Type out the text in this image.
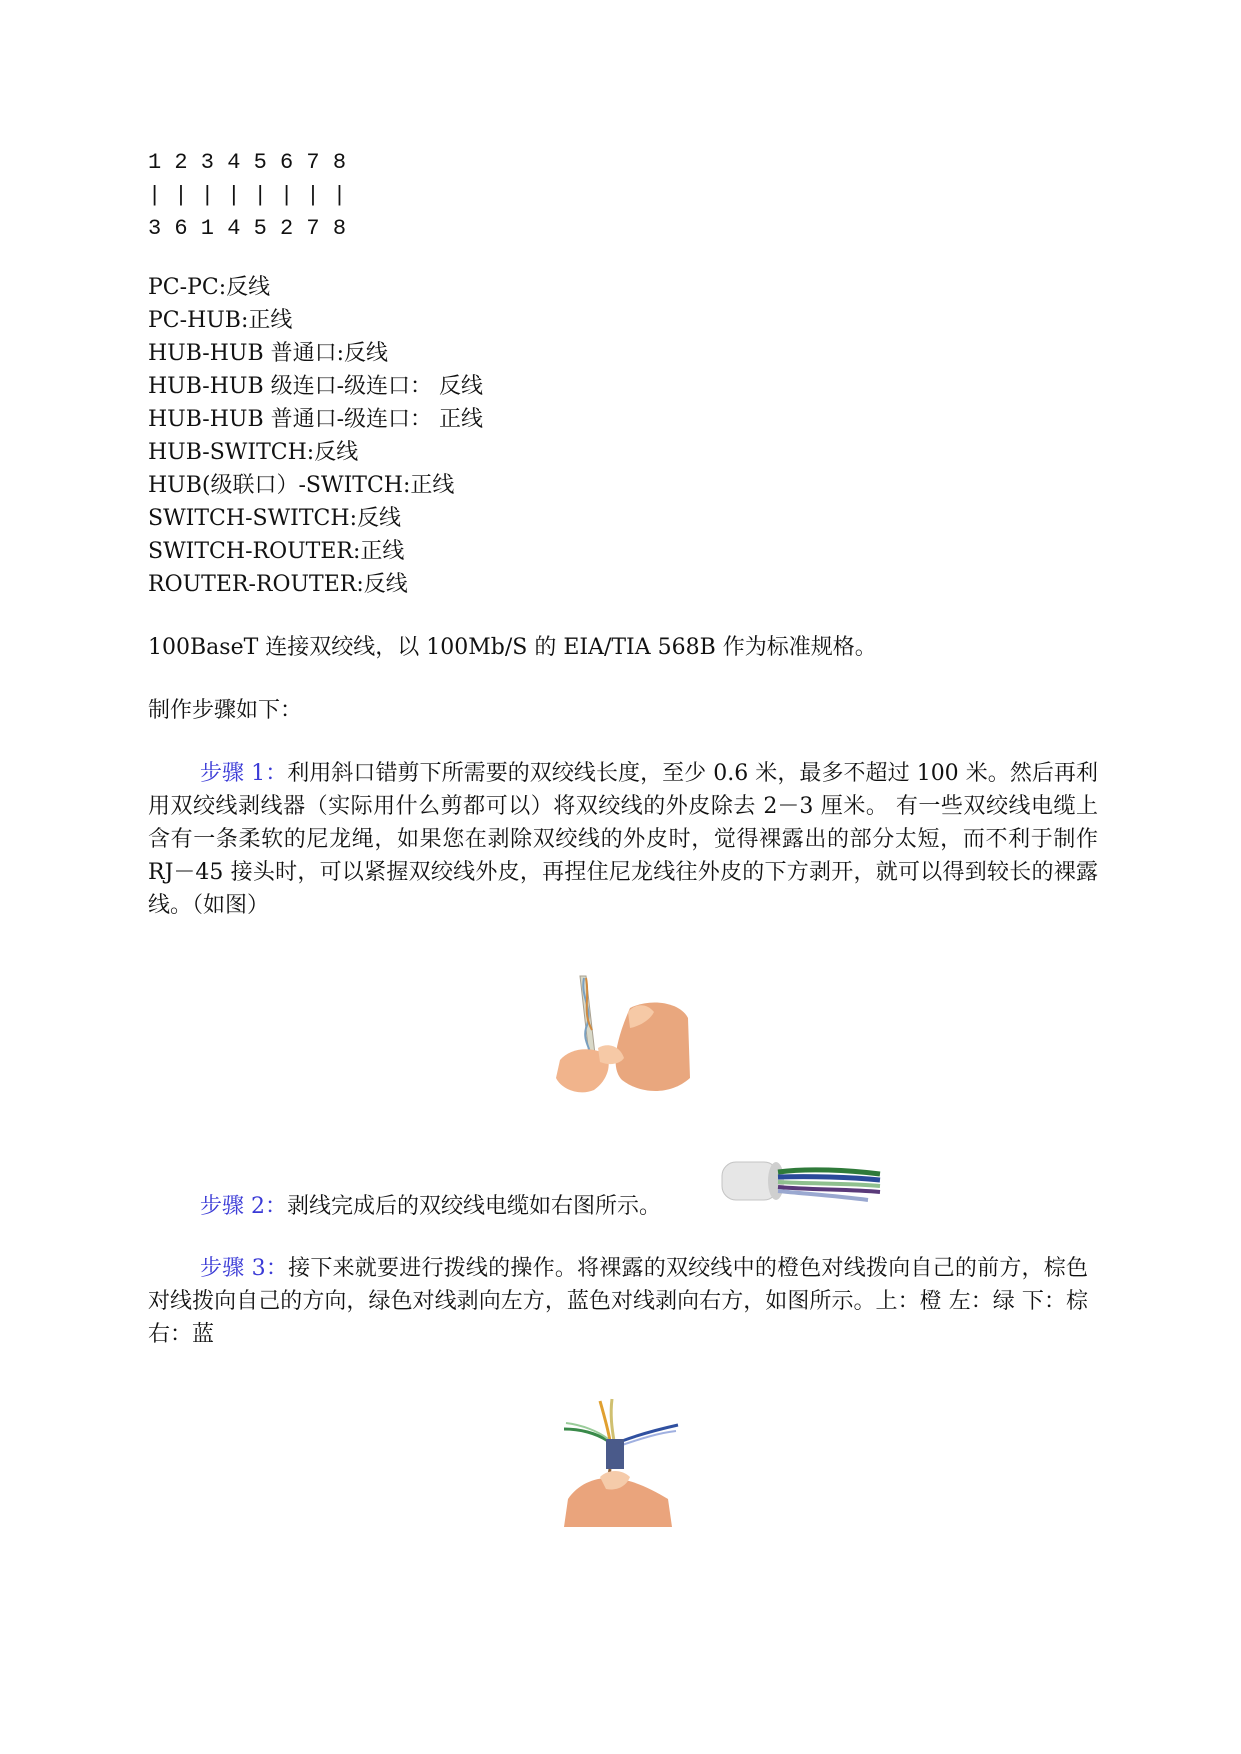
1 2 3 4 5 6 7 8
| | | | | | | |
3 6 1 4 5 2 7 8
PC-PC:反线
PC-HUB:正线
HUB-HUB 普通口:反线
HUB-HUB 级连口-级连口： 反线
HUB-HUB 普通口-级连口： 正线
HUB-SWITCH:反线
HUB(级联口）-SWITCH:正线
SWITCH-SWITCH:反线
SWITCH-ROUTER:正线
ROUTER-ROUTER:反线
100BaseT 连接双绞线，以 100Mb/S 的 EIA/TIA 568B 作为标准规格。
制作步骤如下：
步骤 1：利用斜口错剪下所需要的双绞线长度，至少 0.6 米，最多不超过 100 米。然后再利用双绞线剥线器（实际用什么剪都可以）将双绞线的外皮除去 2－3 厘米。 有一些双绞线电缆上含有一条柔软的尼龙绳，如果您在剥除双绞线的外皮时，觉得裸露出的部分太短，而不利于制作 RJ－45 接头时，可以紧握双绞线外皮，再捏住尼龙线往外皮的下方剥开，就可以得到较长的裸露线。（如图）
步骤 2：剥线完成后的双绞线电缆如右图所示。
步骤 3：接下来就要进行拨线的操作。将裸露的双绞线中的橙色对线拨向自己的前方，棕色对线拨向自己的方向，绿色对线剥向左方，蓝色对线剥向右方，如图所示。上：橙 左：绿 下：棕 右：蓝
